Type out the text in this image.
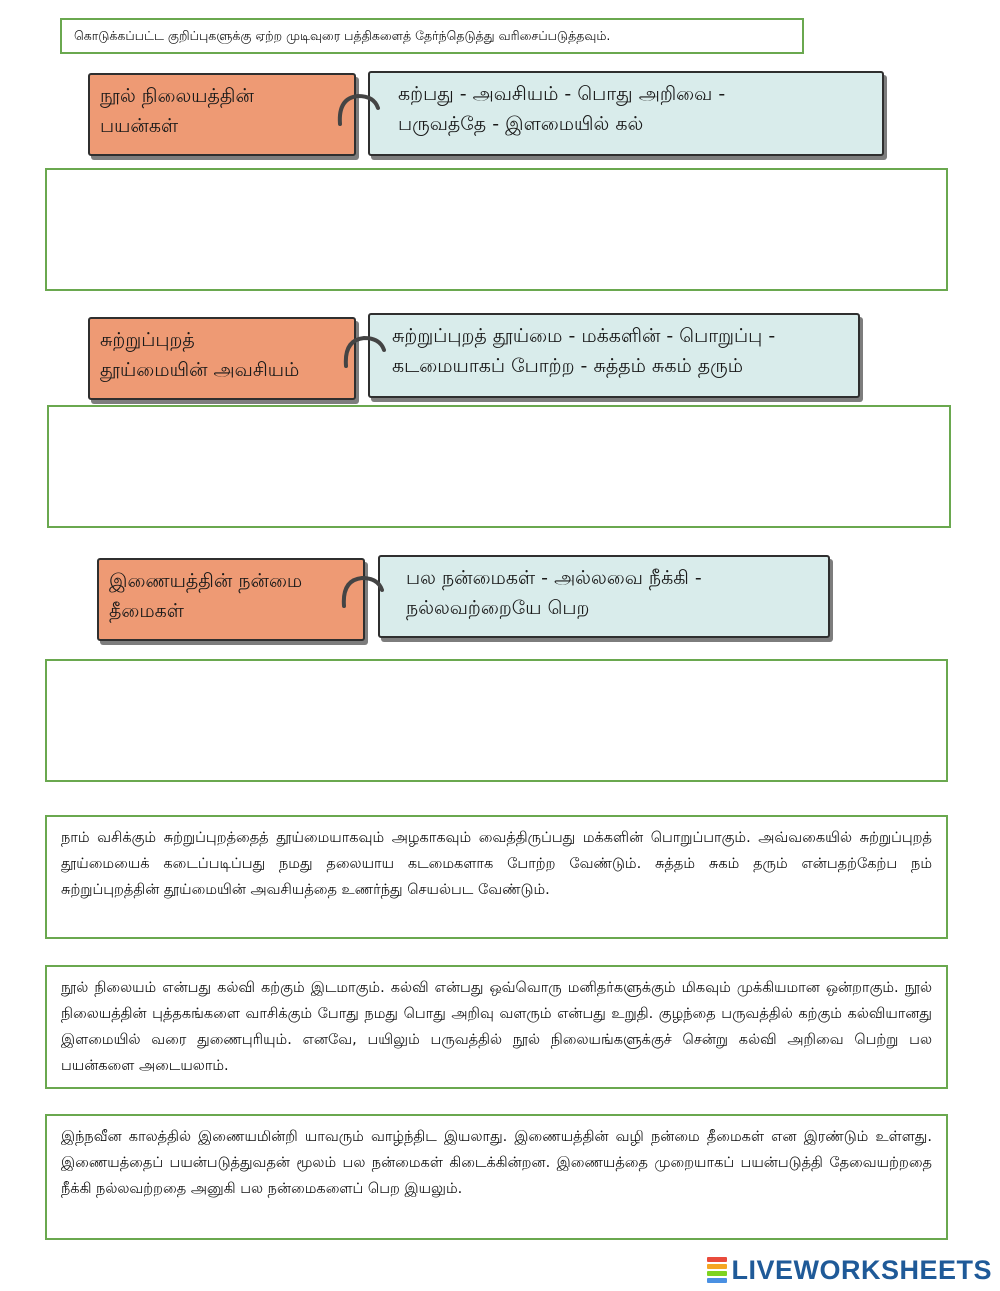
கொடுக்கப்பட்ட குறிப்புகளுக்கு ஏற்ற முடிவுரை பத்திகளைத் தேர்ந்தெடுத்து வரிசைப்படுத்தவும்.
நூல் நிலையத்தின்
பயன்கள்
கற்பது - அவசியம் - பொது அறிவை -
பருவத்தே - இளமையில் கல்
சுற்றுப்புறத்
தூய்மையின் அவசியம்
சுற்றுப்புறத் தூய்மை - மக்களின் - பொறுப்பு -
கடமையாகப் போற்ற - சுத்தம் சுகம் தரும்
இணையத்தின் நன்மை
தீமைகள்
பல நன்மைகள் - அல்லவை நீக்கி -
நல்லவற்றையே பெற
நாம் வசிக்கும் சுற்றுப்புறத்தைத் தூய்மையாகவும் அழகாகவும் வைத்திருப்பது மக்களின் பொறுப்பாகும். அவ்வகையில் சுற்றுப்புறத் தூய்மையைக் கடைப்படிப்பது நமது தலையாய கடமைகளாக போற்ற வேண்டும். சுத்தம் சுகம் தரும் என்பதற்கேற்ப நம் சுற்றுப்புறத்தின் தூய்மையின் அவசியத்தை உணர்ந்து செயல்பட வேண்டும்.
நூல் நிலையம் என்பது கல்வி கற்கும் இடமாகும். கல்வி என்பது ஒவ்வொரு மனிதர்களுக்கும் மிகவும் முக்கியமான ஒன்றாகும். நூல் நிலையத்தின் புத்தகங்களை வாசிக்கும் போது நமது பொது அறிவு வளரும் என்பது உறுதி. குழந்தை பருவத்தில் கற்கும் கல்வியானது இளமையில் வரை துணைபுரியும். எனவே, பயிலும் பருவத்தில் நூல் நிலையங்களுக்குச் சென்று கல்வி அறிவை பெற்று பல பயன்களை அடையலாம்.
இந்நவீன காலத்தில் இணையமின்றி யாவரும் வாழ்ந்திட இயலாது. இணையத்தின் வழி நன்மை தீமைகள் என இரண்டும் உள்ளது. இணையத்தைப் பயன்படுத்துவதன் மூலம் பல நன்மைகள் கிடைக்கின்றன. இணையத்தை முறையாகப் பயன்படுத்தி தேவையற்றதை நீக்கி நல்லவற்றதை அனுகி பல நன்மைகளைப் பெற இயலும்.
LIVEWORKSHEETS
